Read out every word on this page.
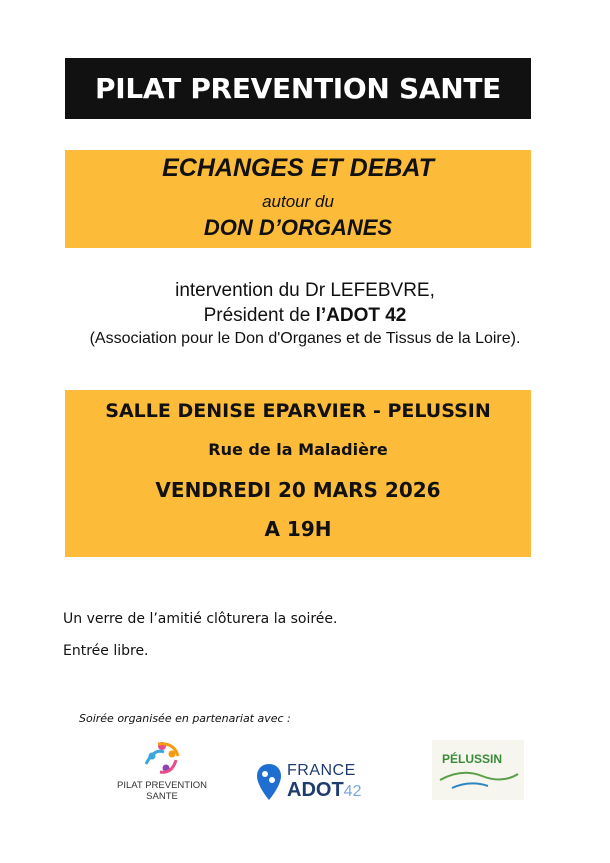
PILAT PREVENTION SANTE
ECHANGES ET DEBAT
autour du
DON D’ORGANES
intervention du Dr LEFEBVRE,
Président de l’ADOT 42
(Association pour le Don d'Organes et de Tissus de la Loire).
SALLE DENISE EPARVIER - PELUSSIN
Rue de la Maladière
VENDREDI 20 MARS 2026
A 19H
Un verre de l’amitié clôturera la soirée.
Entrée libre.
Soirée organisée en partenariat avec :
PILAT PREVENTION SANTE
FRANCE
ADOT42
PÉLUSSIN
